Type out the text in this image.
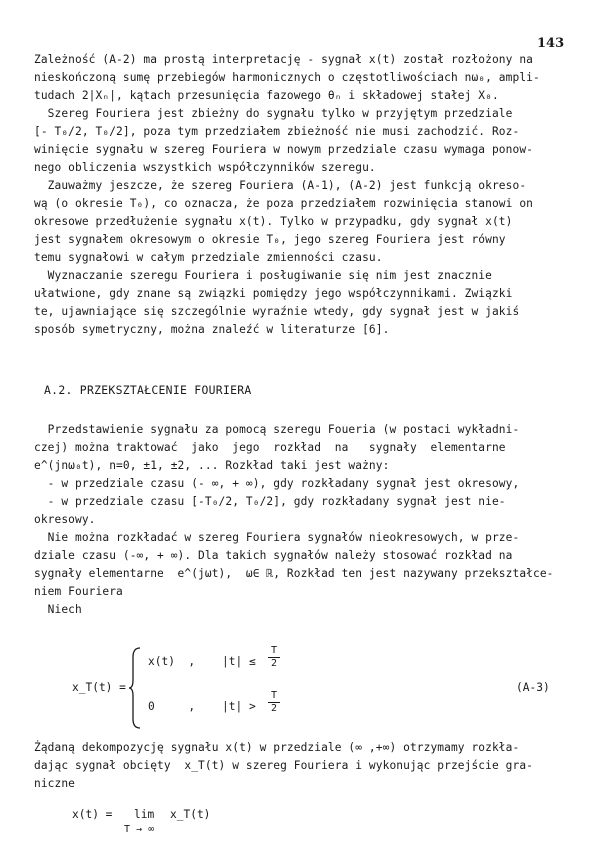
143
Zależność (A-2) ma prostą interpretację - sygnał x(t) został rozłożony na
nieskończoną sumę przebiegów harmonicznych o częstotliwościach nω₀, ampli-
tudach 2|Xₙ|, kątach przesunięcia fazowego θₙ i składowej stałej X₀.
Szereg Fouriera jest zbieżny do sygnału tylko w przyjętym przedziale
[- T₀/2, T₀/2], poza tym przedziałem zbieżność nie musi zachodzić. Roz-
winięcie sygnału w szereg Fouriera w nowym przedziale czasu wymaga ponow-
nego obliczenia wszystkich współczynników szeregu.
Zauważmy jeszcze, że szereg Fouriera (A-1), (A-2) jest funkcją okreso-
wą (o okresie T₀), co oznacza, że poza przedziałem rozwinięcia stanowi on
okresowe przedłużenie sygnału x(t). Tylko w przypadku, gdy sygnał x(t)
jest sygnałem okresowym o okresie T₀, jego szereg Fouriera jest równy
temu sygnałowi w całym przedziale zmienności czasu.
Wyznaczanie szeregu Fouriera i posługiwanie się nim jest znacznie
ułatwione, gdy znane są związki pomiędzy jego współczynnikami. Związki
te, ujawniające się szczególnie wyraźnie wtedy, gdy sygnał jest w jakiś
sposób symetryczny, można znaleźć w literaturze [6].
A.2. PRZEKSZTAŁCENIE FOURIERA
Przedstawienie sygnału za pomocą szeregu Foueria (w postaci wykładni-
czej) można traktować  jako  jego  rozkład  na   sygnały  elementarne
e^(jnω₀t), n=0, ±1, ±2, ... Rozkład taki jest ważny:
- w przedziale czasu (- ∞, + ∞), gdy rozkładany sygnał jest okresowy,
- w przedziale czasu [-T₀/2, T₀/2], gdy rozkładany sygnał jest nie-
okresowy.
Nie można rozkładać w szereg Fouriera sygnałów nieokresowych, w prze-
dziale czasu (-∞, + ∞). Dla takich sygnałów należy stosować rozkład na
sygnały elementarne  e^(jωt),  ω∈ ℝ, Rozkład ten jest nazywany przekształce-
niem Fouriera
Niech
x_T(t) =
x(t)  , |t| ≤
T
2
0     , |t| >
T
2
(A-3)
Żądaną dekompozycję sygnału x(t) w przedziale (∞ ,+∞) otrzymamy rozkła-
dając sygnał obcięty  x_T(t) w szereg Fouriera i wykonując przejście gra-
niczne
x(t) = lim x_T(t)
T → ∞
